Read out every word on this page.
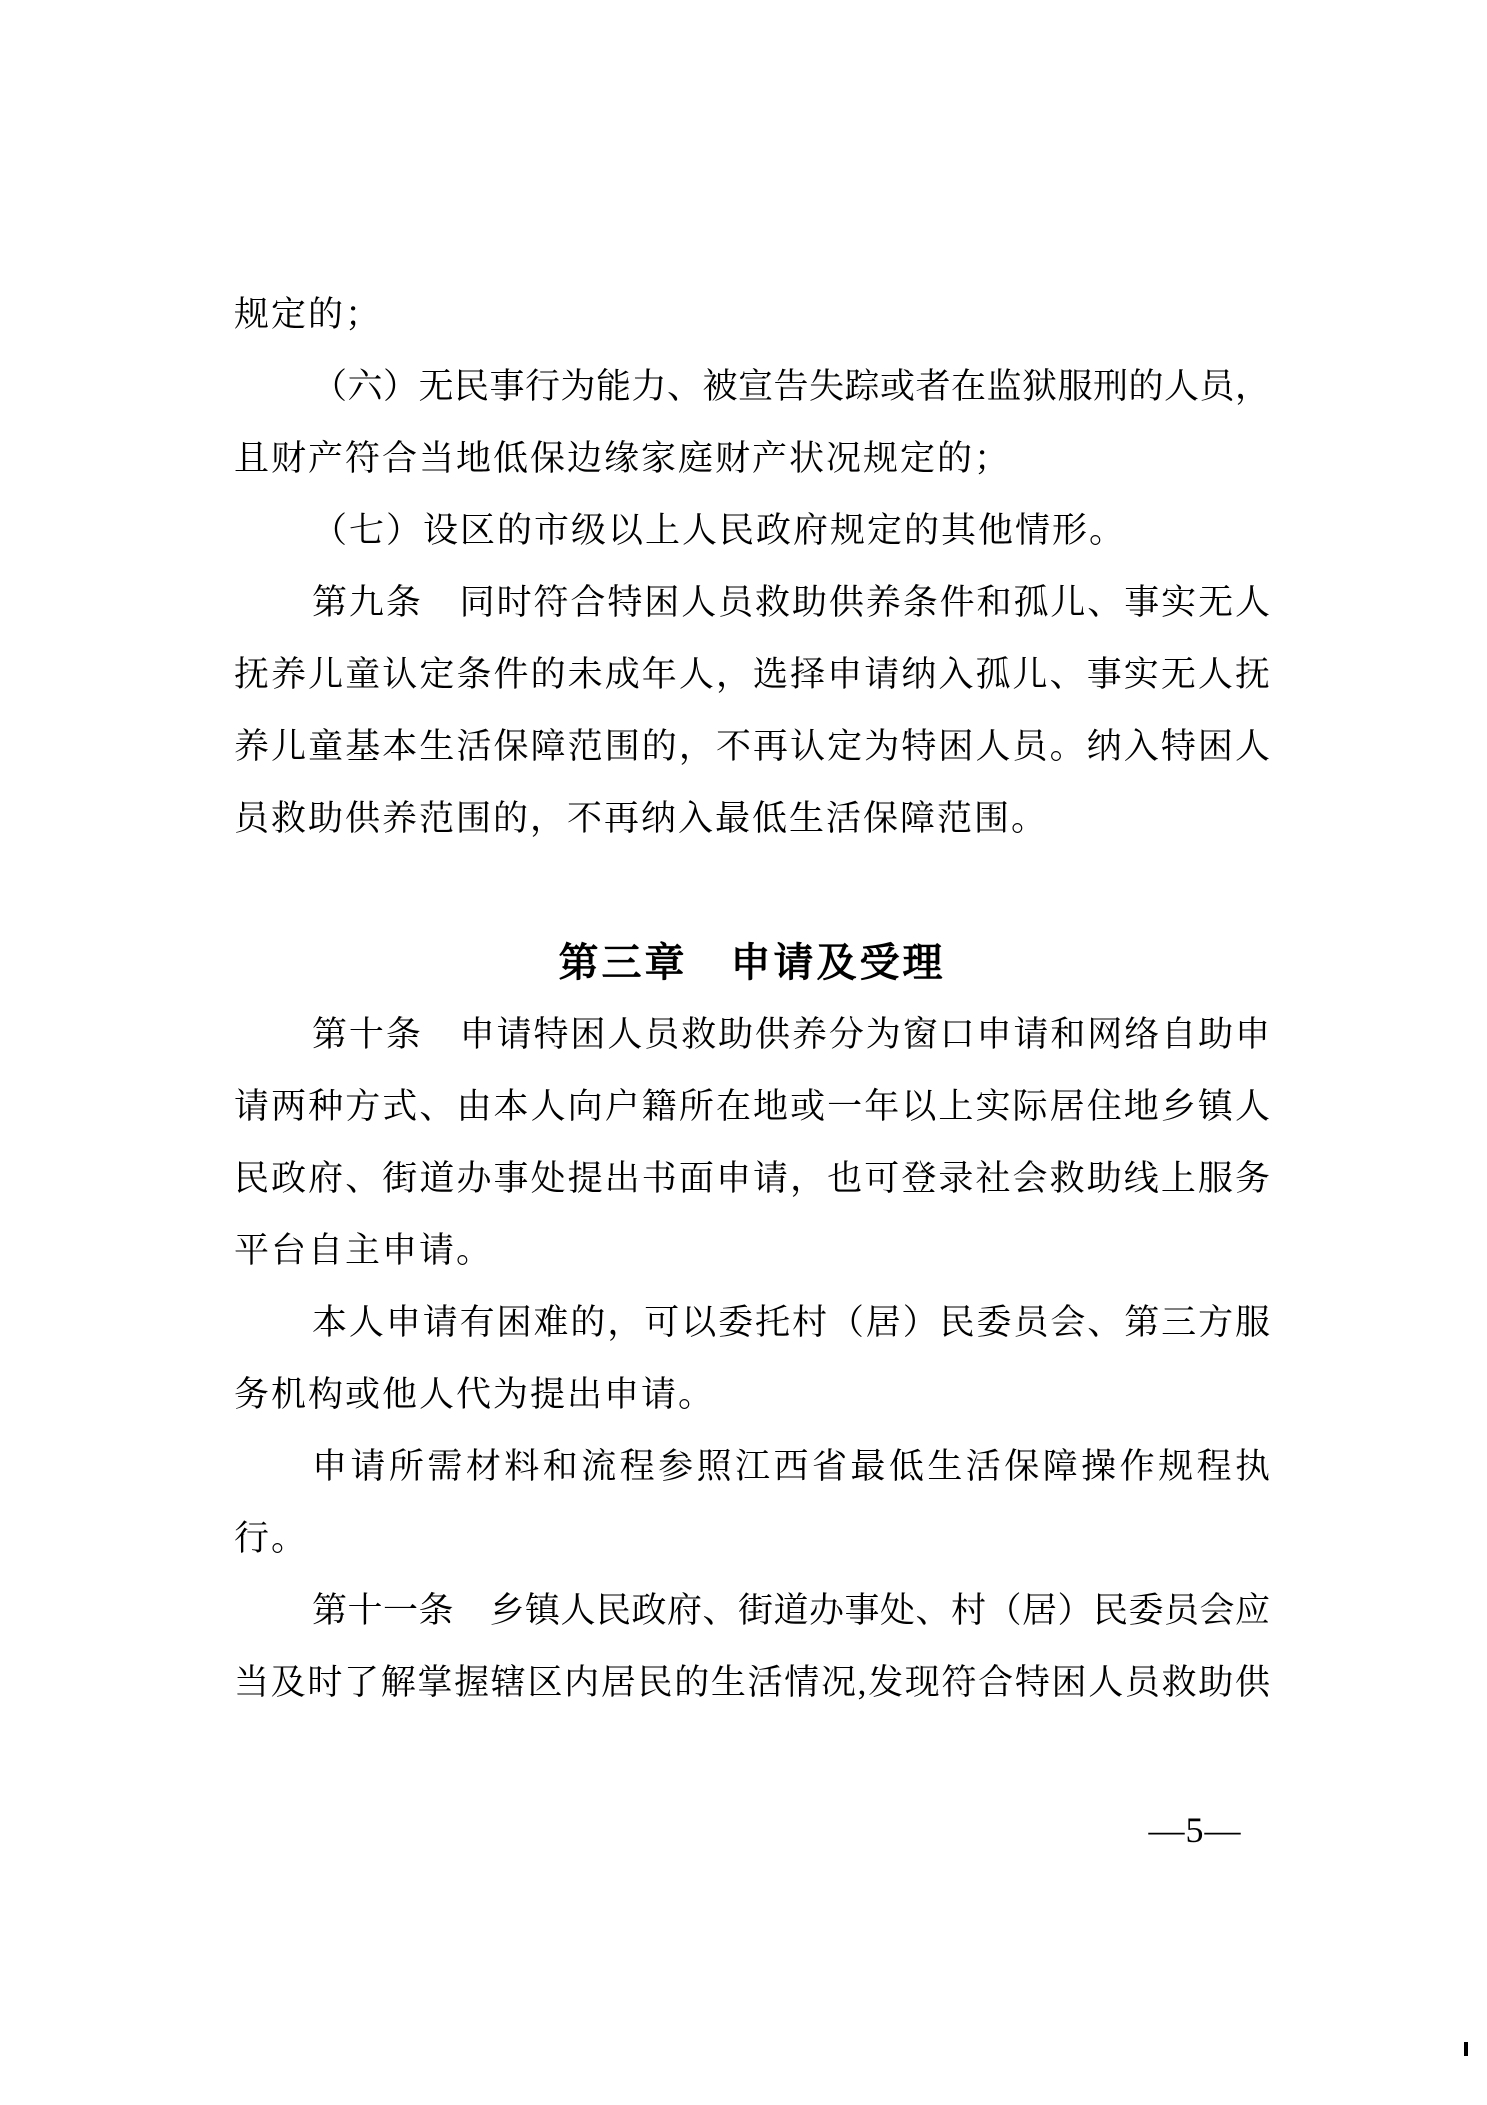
规定的；
（六）无民事行为能力、被宣告失踪或者在监狱服刑的人员，
且财产符合当地低保边缘家庭财产状况规定的；
（七）设区的市级以上人民政府规定的其他情形。
第九条　同时符合特困人员救助供养条件和孤儿、事实无人
抚养儿童认定条件的未成年人，选择申请纳入孤儿、事实无人抚
养儿童基本生活保障范围的，不再认定为特困人员。纳入特困人
员救助供养范围的，不再纳入最低生活保障范围。
第三章　申请及受理
第十条　申请特困人员救助供养分为窗口申请和网络自助申
请两种方式、由本人向户籍所在地或一年以上实际居住地乡镇人
民政府、街道办事处提出书面申请，也可登录社会救助线上服务
平台自主申请。
本人申请有困难的，可以委托村（居）民委员会、第三方服
务机构或他人代为提出申请。
申请所需材料和流程参照江西省最低生活保障操作规程执
行。
第十一条　乡镇人民政府、街道办事处、村（居）民委员会应
当及时了解掌握辖区内居民的生活情况,发现符合特困人员救助供
—5—
